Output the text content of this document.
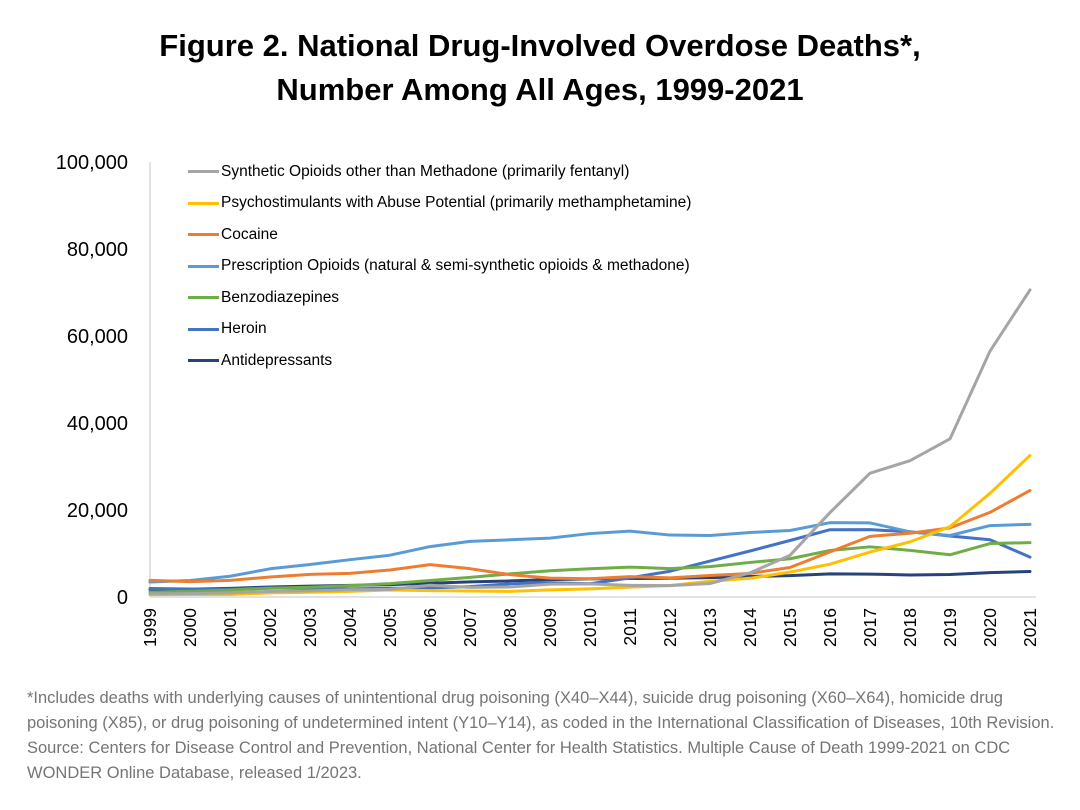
Figure 2. National Drug-Involved Overdose Deaths*,
Number Among All Ages, 1999-2021
0
20,000
40,000
60,000
80,000
100,000
1999 2000 2001 2002 2003 2004 2005 2006 2007 2008 2009 2010 2011 2012 2013 2014 2015 2016 2017 2018 2019 2020 2021
Synthetic Opioids other than Methadone (primarily fentanyl)
Psychostimulants with Abuse Potential (primarily methamphetamine)
Cocaine
Prescription Opioids (natural & semi-synthetic opioids & methadone)
Benzodiazepines
Heroin
Antidepressants

*Includes deaths with underlying causes of unintentional drug poisoning (X40–X44), suicide drug poisoning (X60–X64), homicide drug poisoning (X85), or drug poisoning of undetermined intent (Y10–Y14), as coded in the International Classification of Diseases, 10th Revision.
Source: Centers for Disease Control and Prevention, National Center for Health Statistics. Multiple Cause of Death 1999-2021 on CDC WONDER Online Database, released 1/2023.
